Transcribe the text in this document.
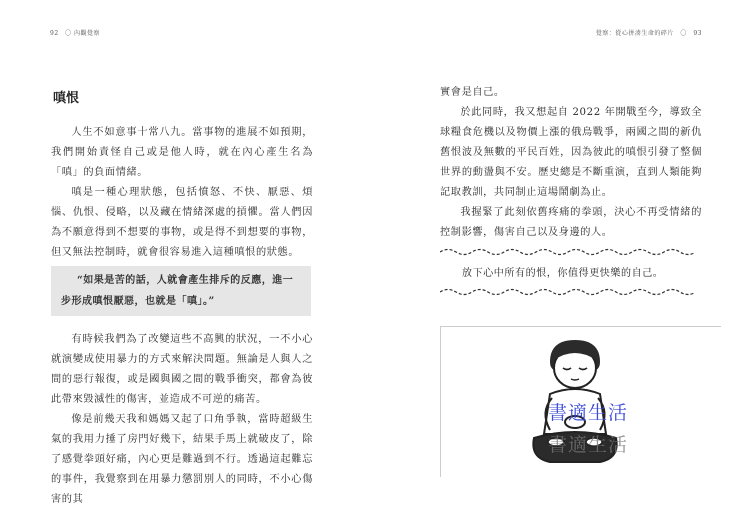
92　〇 內觀覺察
嗔恨

人生不如意事十常八九。當事物的進展不如預期，我們開始責怪自己或是他人時，就在內心產生名為「嗔」的負面情緒。

嗔是一種心理狀態，包括憤怒、不快、厭惡、煩惱、仇恨、侵略，以及藏在情緒深處的摃懼。當人們因為不願意得到不想要的事物，或是得不到想要的事物，但又無法控制時，就會很容易進入這種嗔恨的狀態。

“如果是苦的話，人就會產生排斥的反應，進一
步形成嗔恨厭惡，也就是「嗔」。”

有時候我們為了改變這些不高興的狀況，一不小心就演變成使用暴力的方式來解決問題。無論是人與人之間的惡行報復，或是國與國之間的戰爭衝突，都會為彼此帶來毀滅性的傷害，並造成不可逆的痛苦。

像是前幾天我和媽媽又起了口角爭執，當時超級生氣的我用力捶了房門好幾下，結果手馬上就破皮了，除了感覺拳頭好痛，內心更是難過到不行。透過這起難忘的事件，我覺察到在用暴力懲罰別人的同時，不小心傷害的其

覺察：從心拼湊生命的碎片　〇　93

實會是自己。

於此同時，我又想起自 2022 年開戰至今，導致全球糧食危機以及物價上漲的俄烏戰爭，兩國之間的新仇舊恨波及無數的平民百姓，因為彼此的嗔恨引發了整個世界的動盪與不安。歷史總是不斷重演，直到人類能夠記取教訓，共同制止這場鬧劇為止。

我握緊了此刻依舊疼痛的拳頭，決心不再受情緒的控制影響，傷害自己以及身邊的人。

放下心中所有的恨，你值得更快樂的自己。
書適生活
書適生活
